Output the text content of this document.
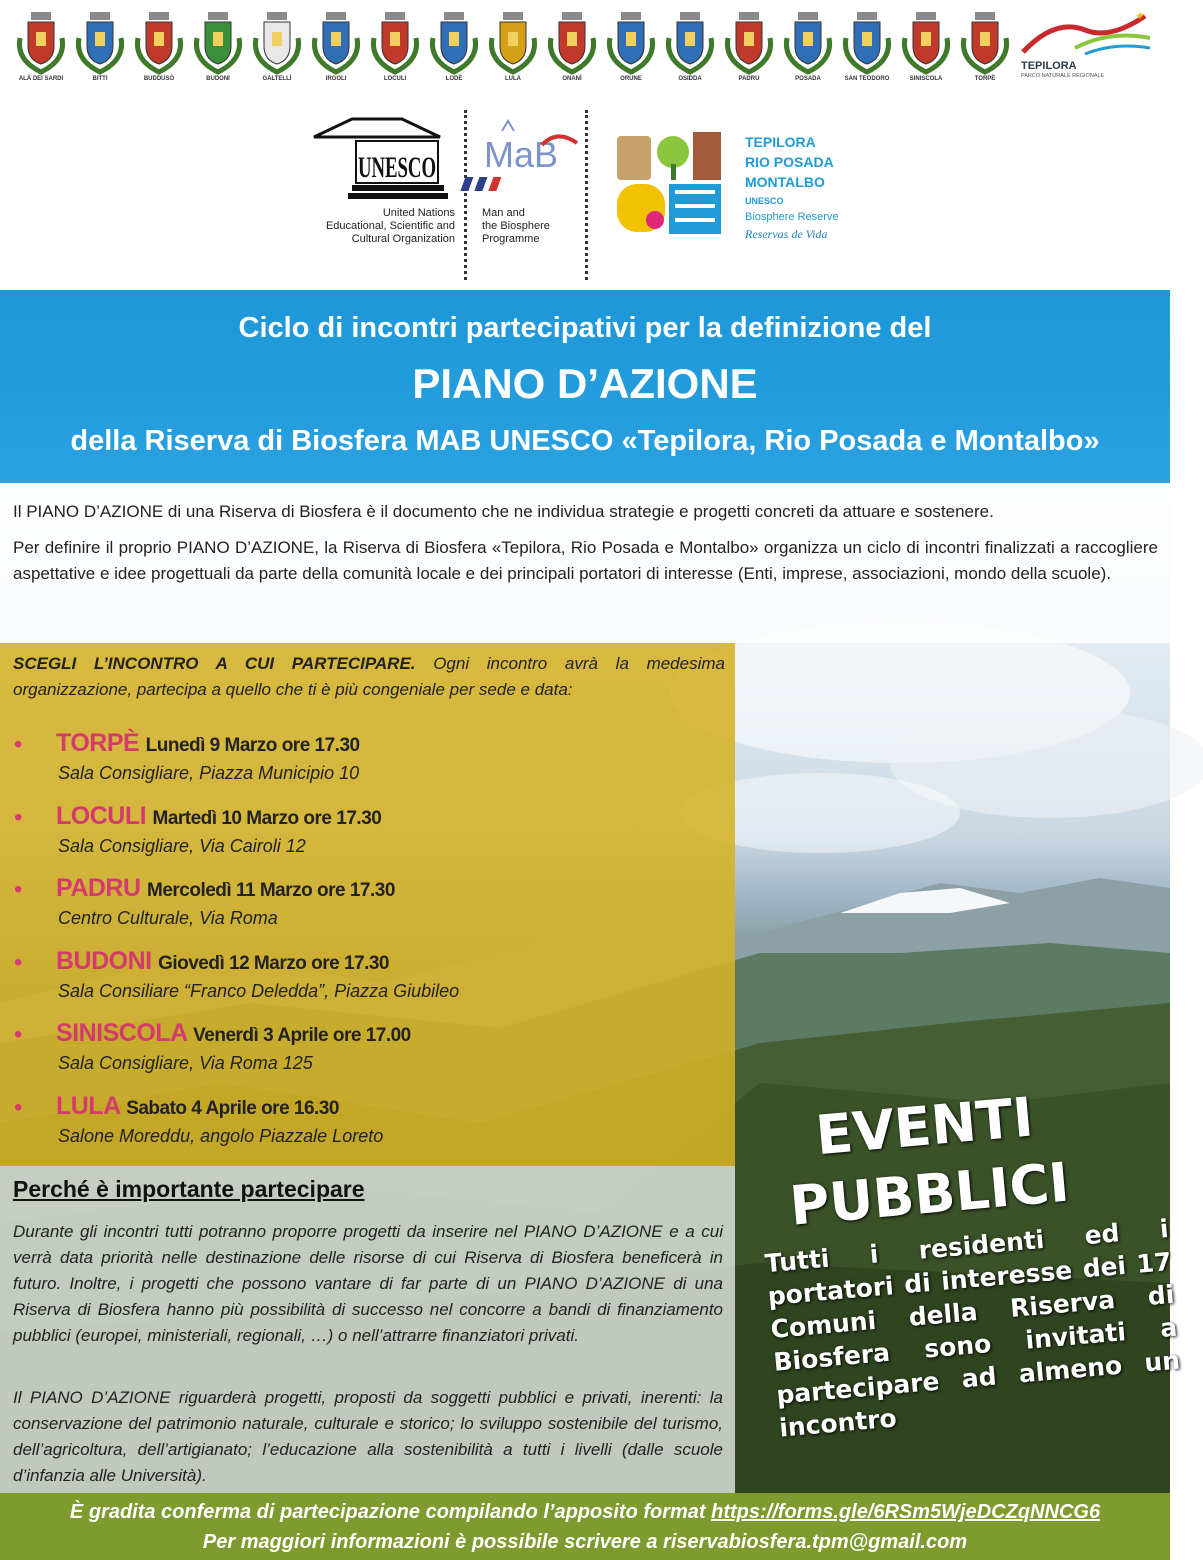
ALÀ DEI SARDI	BITTI	BUDDUSÒ	BUDONI	GALTELLÌ	IRGOLI	LOCULI	LODÈ	LULA	ONANÌ	ORUNE	OSIDDA	PADRU	POSADA	SAN TEODORO	SINISCOLA	TORPÈ
✦
TEPILORA
PARCO NATURALE REGIONALE
UNESCO
United Nations
Educational, Scientific and
Cultural Organization
MaB
Man and
the Biosphere
Programme
TEPILORA
RIO POSADA
MONTALBO
UNESCO
Biosphere Reserve
Reservas de Vida
Ciclo di incontri partecipativi per la definizione del
PIANO D’AZIONE
della Riserva di Biosfera MAB UNESCO «Tepilora, Rio Posada e Montalbo»

Il PIANO D’AZIONE di una Riserva di Biosfera è il documento che ne individua strategie e progetti concreti da attuare e sostenere.

Per definire il proprio PIANO D’AZIONE, la Riserva di Biosfera «Tepilora, Rio Posada e Montalbo» organizza un ciclo di incontri finalizzati a raccogliere aspettative e idee progettuali da parte della comunità locale e dei principali portatori di interesse (Enti, imprese, associazioni, mondo della scuole).

SCEGLI L’INCONTRO A CUI PARTECIPARE. Ogni incontro avrà la medesima organizzazione, partecipa a quello che ti è più congeniale per sede e data:
• TORPÈ Lunedì 9 Marzo ore 17.30
Sala Consigliare, Piazza Municipio 10
• LOCULI Martedì 10 Marzo ore 17.30
Sala Consigliare, Via Cairoli 12
• PADRU Mercoledì 11 Marzo ore 17.30
Centro Culturale, Via Roma
• BUDONI Giovedì 12 Marzo ore 17.30
Sala Consiliare “Franco Deledda”, Piazza Giubileo
• SINISCOLA Venerdì 3 Aprile ore 17.00
Sala Consigliare, Via Roma 125
• LULA Sabato 4 Aprile ore 16.30
Salone Moreddu, angolo Piazzale Loreto
Perché è importante partecipare

Durante gli incontri tutti potranno proporre progetti da inserire nel PIANO D’AZIONE e a cui verrà data priorità nelle destinazione delle risorse di cui Riserva di Biosfera beneficerà in futuro. Inoltre, i progetti che possono vantare di far parte di un PIANO D’AZIONE di una Riserva di Biosfera hanno più possibilità di successo nel concorre a bandi di finanziamento pubblici (europei, ministeriali, regionali, …) o nell’attrarre finanziatori privati.

Il PIANO D’AZIONE riguarderà progetti, proposti da soggetti pubblici e privati, inerenti: la conservazione del patrimonio naturale, culturale e storico; lo sviluppo sostenibile del turismo, dell’agricoltura, dell’artigianato; l’educazione alla sostenibilità a tutti i livelli (dalle scuole d’infanzia alle Università).

EVENTI
PUBBLICI
Tutti i residenti ed i portatori di interesse dei 17 Comuni della Riserva di Biosfera sono invitati a partecipare ad almeno un incontro
È gradita conferma di partecipazione compilando l’apposito format https://forms.gle/6RSm5WjeDCZqNNCG6
Per maggiori informazioni è possibile scrivere a riservabiosfera.tpm@gmail.com
